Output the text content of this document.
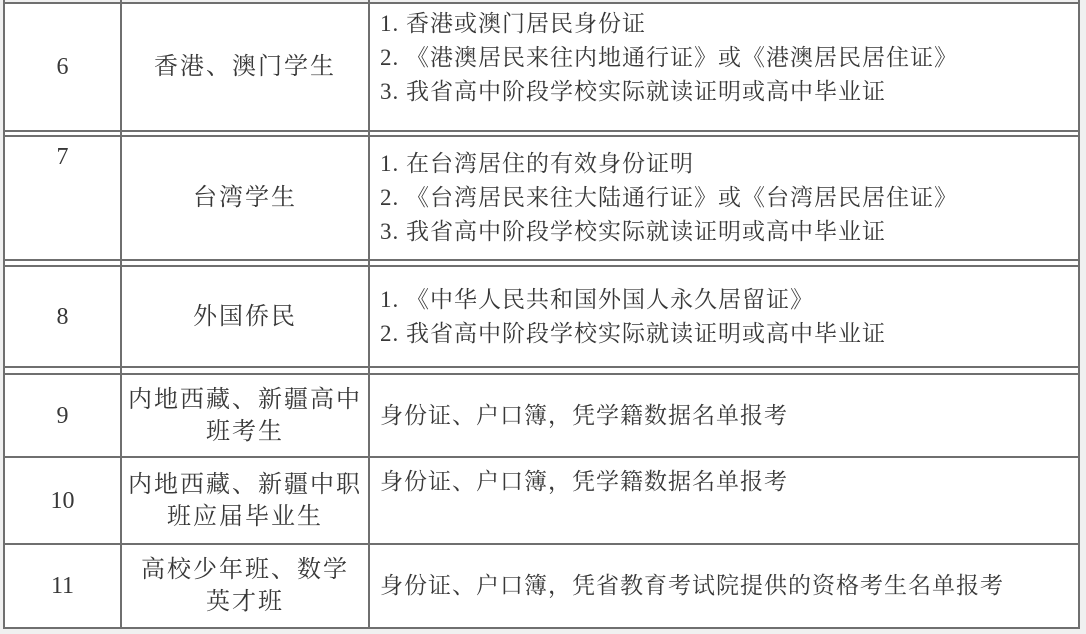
6	香港、澳门学生
1. 香港或澳门居民身份证
2. 《港澳居民来往内地通行证》或《港澳居民居住证》
3. 我省高中阶段学校实际就读证明或高中毕业证
7
台湾学生
1. 在台湾居住的有效身份证明
2. 《台湾居民来往大陆通行证》或《台湾居民居住证》
3. 我省高中阶段学校实际就读证明或高中毕业证
8	外国侨民
1. 《中华人民共和国外国人永久居留证》
2. 我省高中阶段学校实际就读证明或高中毕业证
9
内地西藏、新疆高中
班考生
身份证、户口簿，凭学籍数据名单报考
10
内地西藏、新疆中职
班应届毕业生
身份证、户口簿，凭学籍数据名单报考
11
高校少年班、数学
英才班
身份证、户口簿，凭省教育考试院提供的资格考生名单报考
